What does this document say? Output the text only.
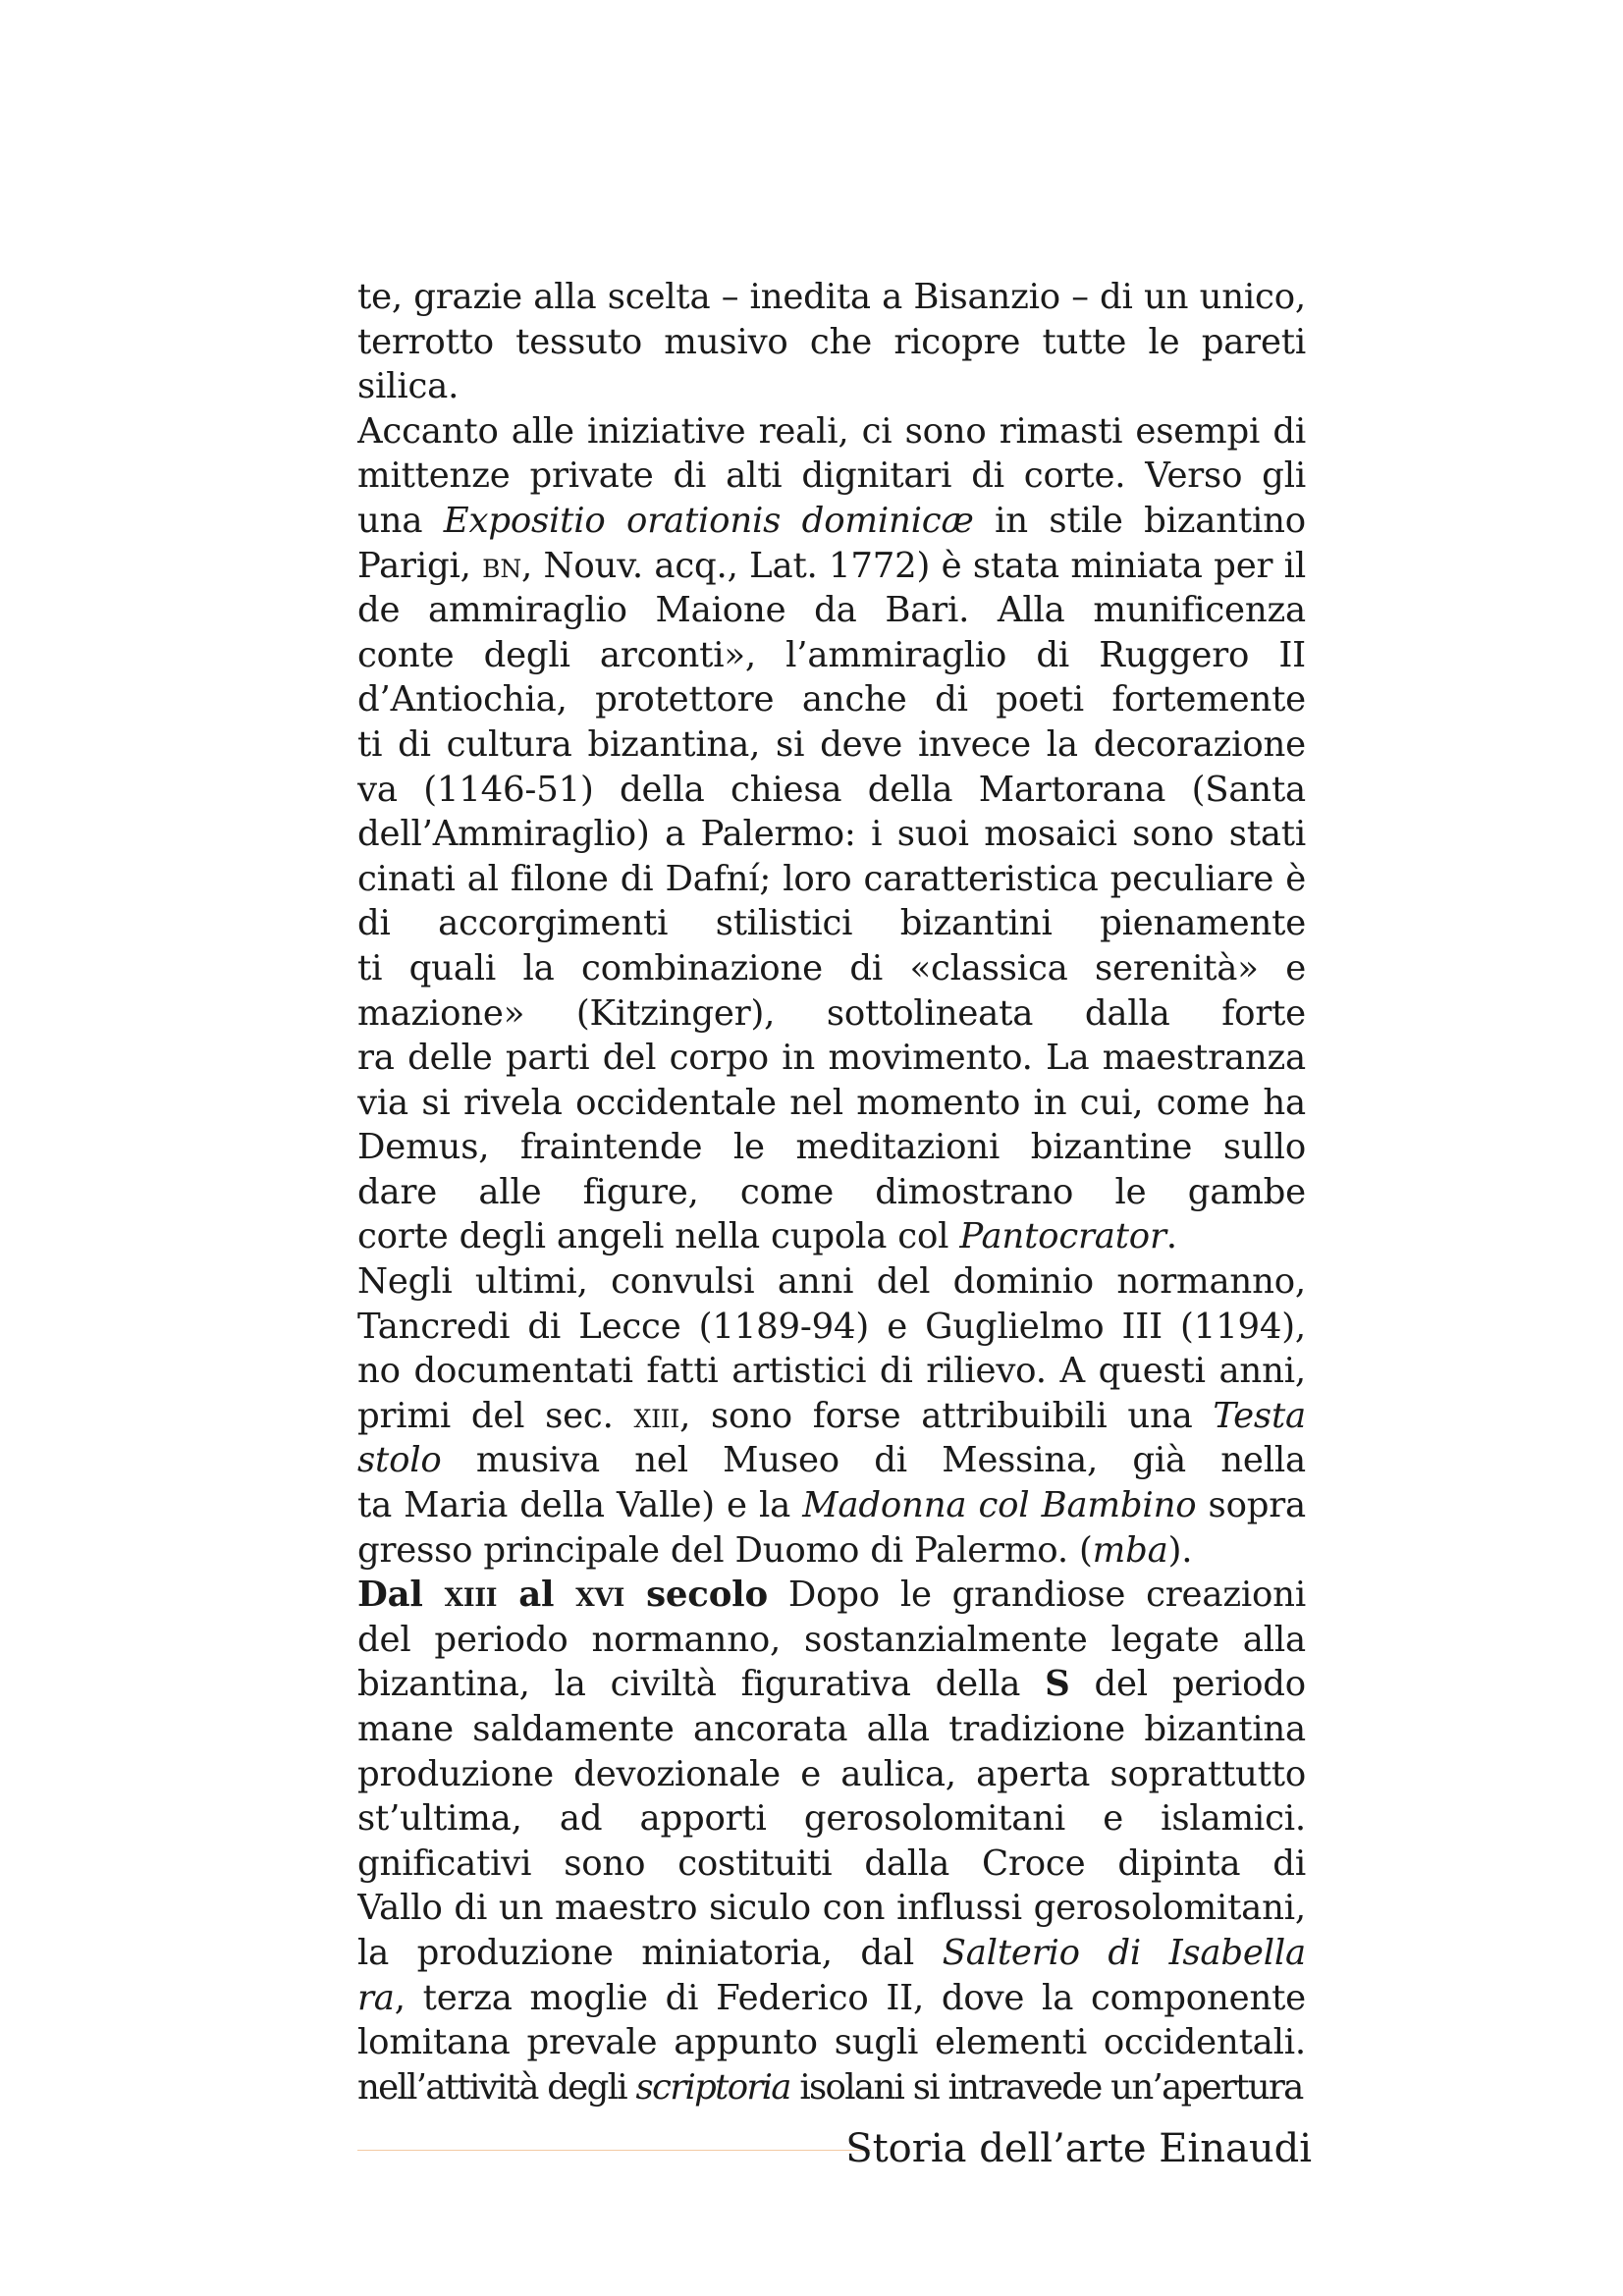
te, grazie alla scelta – inedita a Bisanzio – di un unico,
terrotto tessuto musivo che ricopre tutte le pareti
silica.
Accanto alle iniziative reali, ci sono rimasti esempi di
mittenze private di alti dignitari di corte. Verso gli
una Expositio orationis dominicæ in stile bizantino
Parigi, bn, Nouv. acq., Lat. 1772) è stata miniata per il
de ammiraglio Maione da Bari. Alla munificenza
conte degli arconti», l’ammiraglio di Ruggero II
d’Antiochia, protettore anche di poeti fortemente
ti di cultura bizantina, si deve invece la decorazione
va (1146-51) della chiesa della Martorana (Santa
dell’Ammiraglio) a Palermo: i suoi mosaici sono stati
cinati al filone di Dafní; loro caratteristica peculiare è
di accorgimenti stilistici bizantini pienamente
ti quali la combinazione di «classica serenità» e
mazione» (Kitzinger), sottolineata dalla forte
ra delle parti del corpo in movimento. La maestranza
via si rivela occidentale nel momento in cui, come ha
Demus, fraintende le meditazioni bizantine sullo
dare alle figure, come dimostrano le gambe
corte degli angeli nella cupola col Pantocrator.
Negli ultimi, convulsi anni del dominio normanno,
Tancredi di Lecce (1189-94) e Guglielmo III (1194),
no documentati fatti artistici di rilievo. A questi anni,
primi del sec. xiii, sono forse attribuibili una Testa
stolo musiva nel Museo di Messina, già nella
ta Maria della Valle) e la Madonna col Bambino sopra
gresso principale del Duomo di Palermo. (mba).
Dal xiii al xvi secolo Dopo le grandiose creazioni
del periodo normanno, sostanzialmente legate alla
bizantina, la civiltà figurativa della S del periodo
mane saldamente ancorata alla tradizione bizantina
produzione devozionale e aulica, aperta soprattutto
st’ultima, ad apporti gerosolomitani e islamici.
gnificativi sono costituiti dalla Croce dipinta di
Vallo di un maestro siculo con influssi gerosolomitani,
la produzione miniatoria, dal Salterio di Isabella
ra, terza moglie di Federico II, dove la componente
lomitana prevale appunto sugli elementi occidentali.
nell’attività degli scriptoria isolani si intravede un’apertura
Storia dell’arte Einaudi
